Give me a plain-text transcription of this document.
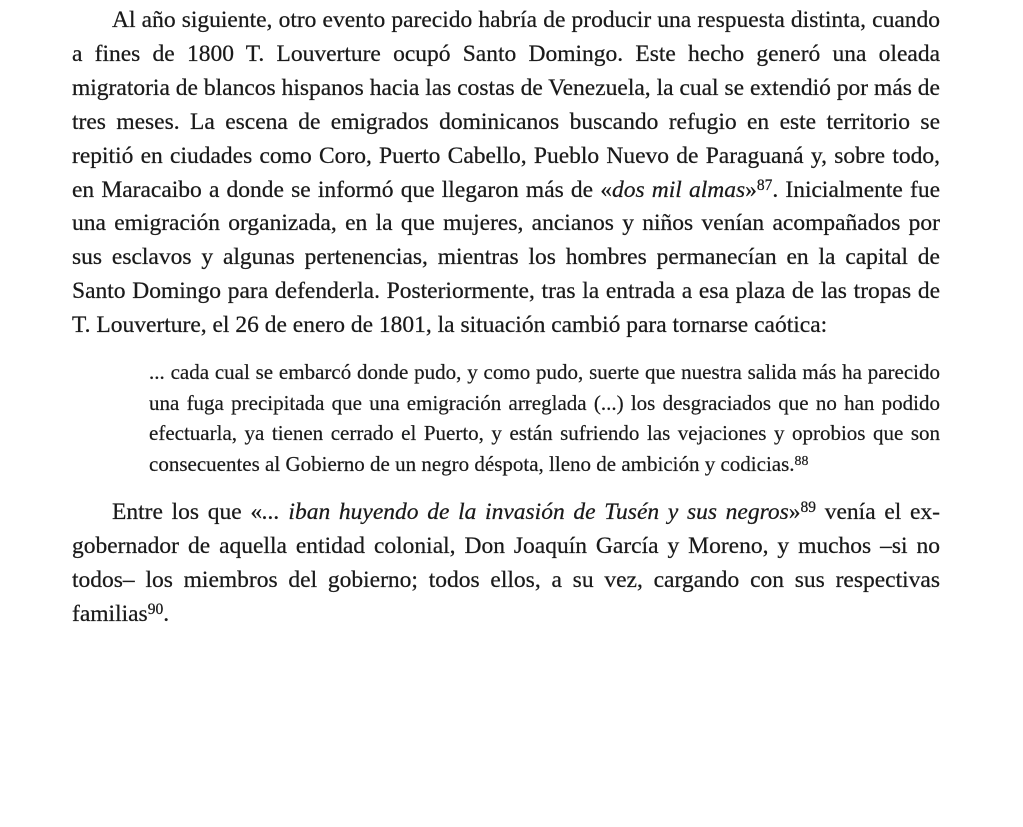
Al año siguiente, otro evento parecido habría de producir una respuesta distinta, cuando a fines de 1800 T. Louverture ocupó Santo Domingo. Este hecho generó una oleada migratoria de blancos hispanos hacia las costas de Venezuela, la cual se extendió por más de tres meses. La escena de emigrados dominicanos buscando refugio en este territorio se repitió en ciudades como Coro, Puerto Cabello, Pueblo Nuevo de Paraguaná y, sobre todo, en Maracaibo a donde se informó que llegaron más de «dos mil almas»$^{87}$. Inicialmente fue una emigración organizada, en la que mujeres, ancianos y niños venían acompañados por sus esclavos y algunas pertenencias, mientras los hombres permanecían en la capital de Santo Domingo para defenderla. Posteriormente, tras la entrada a esa plaza de las tropas de T. Louverture, el 26 de enero de 1801, la situación cambió para tornarse caótica:

... cada cual se embarcó donde pudo, y como pudo, suerte que nuestra salida más ha parecido una fuga precipitada que una emigración arreglada (...) los desgraciados que no han podido efectuarla, ya tienen cerrado el Puerto, y están sufriendo las vejaciones y oprobios que son consecuentes al Gobierno de un negro déspota, lleno de ambición y codicias.$^{88}$

Entre los que «... iban huyendo de la invasión de Tusén y sus negros»$^{89}$ venía el ex-gobernador de aquella entidad colonial, Don Joaquín García y Moreno, y muchos –si no todos– los miembros del gobierno; todos ellos, a su vez, cargando con sus respectivas familias$^{90}$.
